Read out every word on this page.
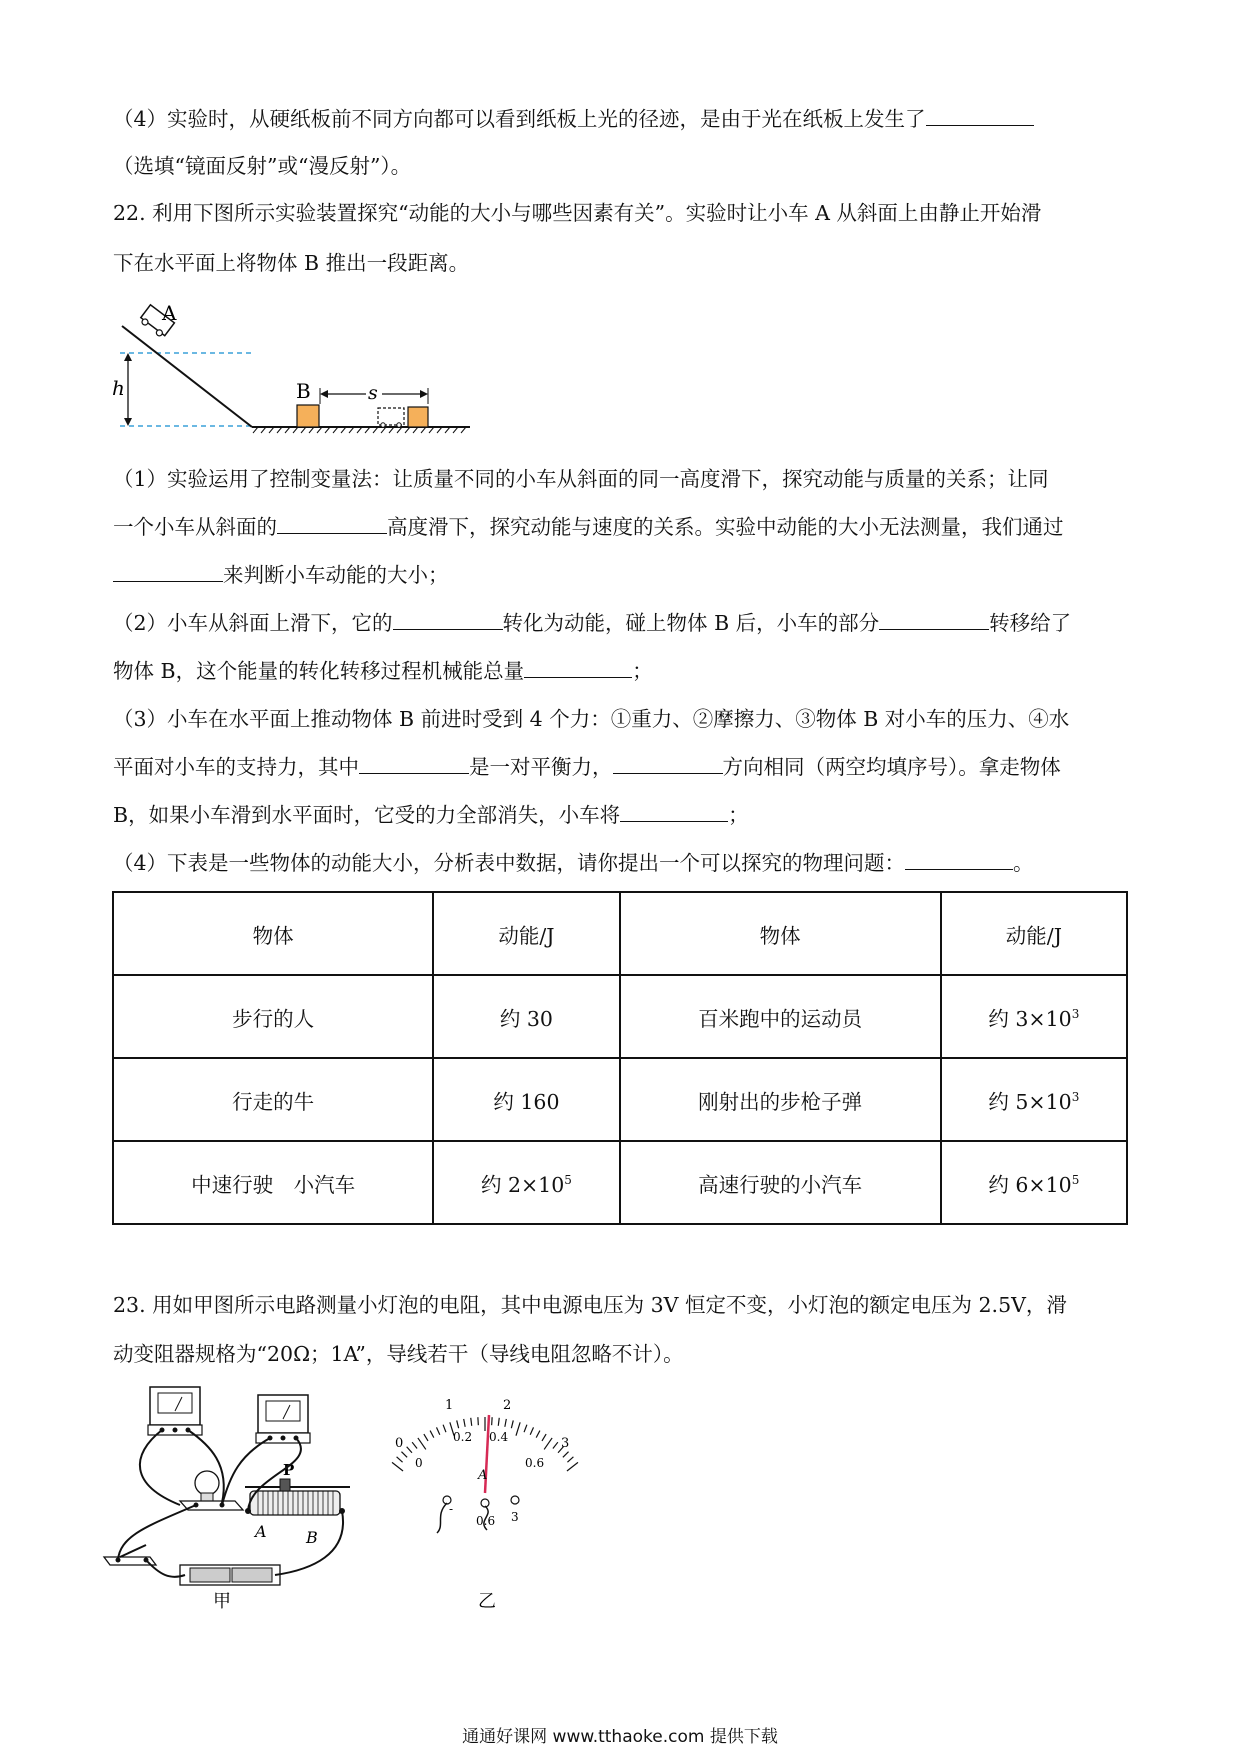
（4）实验时，从硬纸板前不同方向都可以看到纸板上光的径迹，是由于光在纸板上发生了
（选填“镜面反射”或“漫反射”）。
22. 利用下图所示实验装置探究“动能的大小与哪些因素有关”。实验时让小车 A 从斜面上由静止开始滑
下在水平面上将物体 B 推出一段距离。
h
A
B	s
（1）实验运用了控制变量法：让质量不同的小车从斜面的同一高度滑下，探究动能与质量的关系；让同
一个小车从斜面的	高度滑下，探究动能与速度的关系。实验中动能的大小无法测量，我们通过
来判断小车动能的大小；
（2）小车从斜面上滑下，它的	转化为动能，碰上物体 B 后，小车的部分	转移给了
物体 B，这个能量的转化转移过程机械能总量	；
（3）小车在水平面上推动物体 B 前进时受到 4 个力：①重力、②摩擦力、③物体 B 对小车的压力、④水
平面对小车的支持力，其中	是一对平衡力，	方向相同（两空均填序号）。拿走物体
B，如果小车滑到水平面时，它受的力全部消失，小车将	；
（4）下表是一些物体的动能大小，分析表中数据，请你提出一个可以探究的物理问题：	。
物体	动能/J	物体	动能/J
步行的人	约 30	百米跑中的运动员	约 $3\times 10^3$
行走的牛	约 160	刚射出的步枪子弹	约 $5\times 10^3$
中速行驶　小汽车	约 $2\times 10^5$	高速行驶的小汽车	约 $6\times 10^5$
23. 用如甲图所示电路测量小灯泡的电阻，其中电源电压为 3V 恒定不变，小灯泡的额定电压为 2.5V，滑
动变阻器规格为“20Ω；1A”，导线若干（导线电阻忽略不计）。
P
A B
甲
0
1	2
3
0
0.2 0.4
0.6
A
-
0.6 3
乙
通通好课网 www.tthaoke.com 提供下载
